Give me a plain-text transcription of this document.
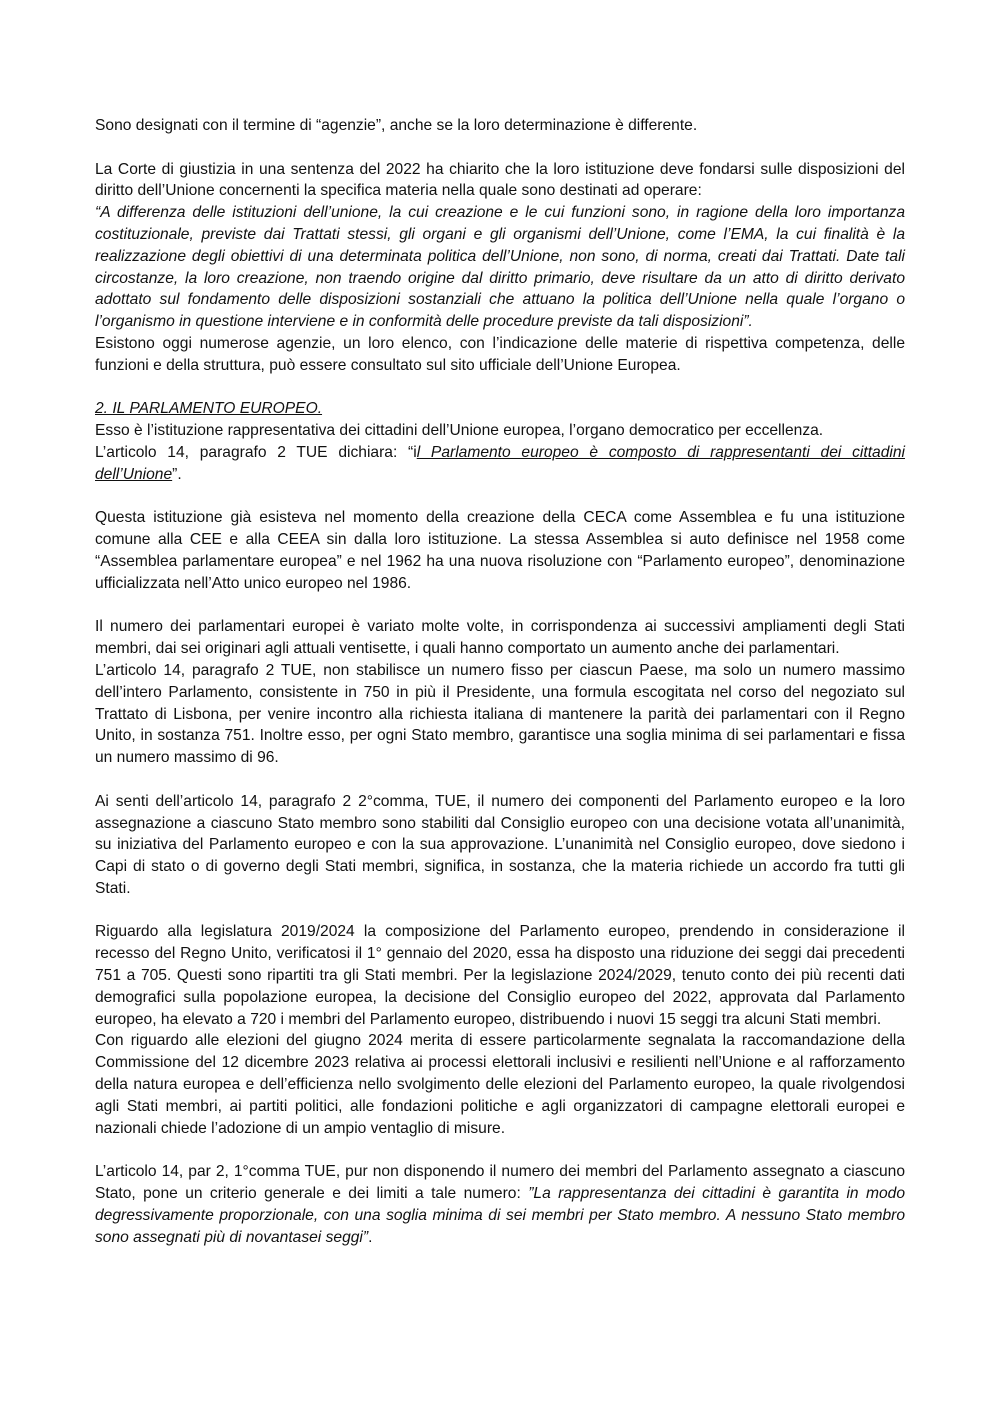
Sono designati con il termine di “agenzie”, anche se la loro determinazione è differente.

La Corte di giustizia in una sentenza del 2022 ha chiarito che la loro istituzione deve fondarsi sulle disposizioni del diritto dell’Unione concernenti la specifica materia nella quale sono destinati ad operare:

“A differenza delle istituzioni dell’unione, la cui creazione e le cui funzioni sono, in ragione della loro importanza costituzionale, previste dai Trattati stessi, gli organi e gli organismi dell’Unione, come l’EMA, la cui finalità è la realizzazione degli obiettivi di una determinata politica dell’Unione, non sono, di norma, creati dai Trattati. Date tali circostanze, la loro creazione, non traendo origine dal diritto primario, deve risultare da un atto di diritto derivato adottato sul fondamento delle disposizioni sostanziali che attuano la politica dell’Unione nella quale l’organo o l’organismo in questione interviene e in conformità delle procedure previste da tali disposizioni”.

Esistono oggi numerose agenzie, un loro elenco, con l’indicazione delle materie di rispettiva competenza, delle funzioni e della struttura, può essere consultato sul sito ufficiale dell’Unione Europea.

2. IL PARLAMENTO EUROPEO.

Esso è l’istituzione rappresentativa dei cittadini dell’Unione europea, l’organo democratico per eccellenza.

L’articolo 14, paragrafo 2 TUE dichiara: “il Parlamento europeo è composto di rappresentanti dei cittadini dell’Unione”.

Questa istituzione già esisteva nel momento della creazione della CECA come Assemblea e fu una istituzione comune alla CEE e alla CEEA sin dalla loro istituzione. La stessa Assemblea si auto definisce nel 1958 come “Assemblea parlamentare europea” e nel 1962 ha una nuova risoluzione con “Parlamento europeo”, denominazione ufficializzata nell’Atto unico europeo nel 1986.

Il numero dei parlamentari europei è variato molte volte, in corrispondenza ai successivi ampliamenti degli Stati membri, dai sei originari agli attuali ventisette, i quali hanno comportato un aumento anche dei parlamentari.

L’articolo 14, paragrafo 2 TUE, non stabilisce un numero fisso per ciascun Paese, ma solo un numero massimo dell’intero Parlamento, consistente in 750 in più il Presidente, una formula escogitata nel corso del negoziato sul Trattato di Lisbona, per venire incontro alla richiesta italiana di mantenere la parità dei parlamentari con il Regno Unito, in sostanza 751. Inoltre esso, per ogni Stato membro, garantisce una soglia minima di sei parlamentari e fissa un numero massimo di 96.

Ai senti dell’articolo 14, paragrafo 2 2°comma, TUE, il numero dei componenti del Parlamento europeo e la loro assegnazione a ciascuno Stato membro sono stabiliti dal Consiglio europeo con una decisione votata all’unanimità, su iniziativa del Parlamento europeo e con la sua approvazione. L’unanimità nel Consiglio europeo, dove siedono i Capi di stato o di governo degli Stati membri, significa, in sostanza, che la materia richiede un accordo fra tutti gli Stati.

Riguardo alla legislatura 2019/2024 la composizione del Parlamento europeo, prendendo in considerazione il recesso del Regno Unito, verificatosi il 1° gennaio del 2020, essa ha disposto una riduzione dei seggi dai precedenti 751 a 705. Questi sono ripartiti tra gli Stati membri. Per la legislazione 2024/2029, tenuto conto dei più recenti dati demografici sulla popolazione europea, la decisione del Consiglio europeo del 2022, approvata dal Parlamento europeo, ha elevato a 720 i membri del Parlamento europeo, distribuendo i nuovi 15 seggi tra alcuni Stati membri.

Con riguardo alle elezioni del giugno 2024 merita di essere particolarmente segnalata la raccomandazione della Commissione del 12 dicembre 2023 relativa ai processi elettorali inclusivi e resilienti nell’Unione e al rafforzamento della natura europea e dell’efficienza nello svolgimento delle elezioni del Parlamento europeo, la quale rivolgendosi agli Stati membri, ai partiti politici, alle fondazioni politiche e agli organizzatori di campagne elettorali europei e nazionali chiede l’adozione di un ampio ventaglio di misure.

L’articolo 14, par 2, 1°comma TUE, pur non disponendo il numero dei membri del Parlamento assegnato a ciascuno Stato, pone un criterio generale e dei limiti a tale numero: ”La rappresentanza dei cittadini è garantita in modo degressivamente proporzionale, con una soglia minima di sei membri per Stato membro. A nessuno Stato membro sono assegnati più di novantasei seggi”.
